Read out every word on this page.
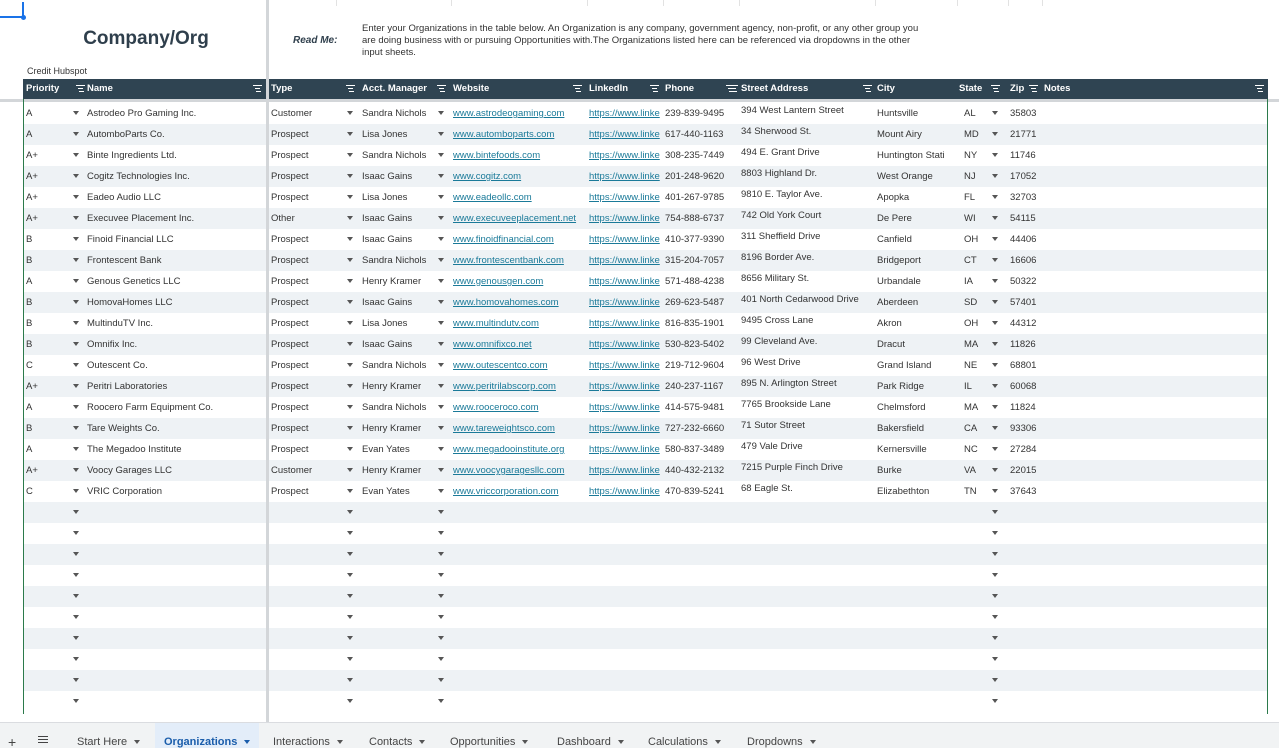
Company/Org
Credit Hubspot
Read Me:
Enter your Organizations in the table below. An Organization is any company, government agency, non-profit, or any other group you are doing business with or pursuing Opportunities with.The Organizations listed here can be referenced via dropdowns in the other input sheets.
Priority	Name	Type	Acct. Manager	Website	LinkedIn	Phone	Street Address	City	State	Zip	Notes
A	Astrodeo Pro Gaming Inc.	Customer	Sandra Nichols	www.astrodeogaming.com	https://www.linke 239-839-9495	394 West Lantern Street	Huntsville	AL	35803
A	AutomboParts Co.	Prospect	Lisa Jones	www.automboparts.com	https://www.linke 617-440-1163	34 Sherwood St.	Mount Airy	MD	21771
A+	Binte Ingredients Ltd.	Prospect	Sandra Nichols	www.bintefoods.com	https://www.linke 308-235-7449	494 E. Grant Drive	Huntington Stati	NY	11746
A+	Cogitz Technologies Inc.	Prospect	Isaac Gains	www.cogitz.com	https://www.linke 201-248-9620	8803 Highland Dr.	West Orange	NJ	17052
A+	Eadeo Audio LLC	Prospect	Lisa Jones	www.eadeollc.com	https://www.linke 401-267-9785	9810 E. Taylor Ave.	Apopka	FL	32703
A+	Execuvee Placement Inc.	Other	Isaac Gains	www.execuveeplacement.net	https://www.linke 754-888-6737	742 Old York Court	De Pere	WI	54115
B	Finoid Financial LLC	Prospect	Isaac Gains	www.finoidfinancial.com	https://www.linke 410-377-9390	311 Sheffield Drive	Canfield	OH	44406
B	Frontescent Bank	Prospect	Sandra Nichols	www.frontescentbank.com	https://www.linke 315-204-7057	8196 Border Ave.	Bridgeport	CT	16606
A	Genous Genetics LLC	Prospect	Henry Kramer	www.genousgen.com	https://www.linke 571-488-4238	8656 Military St.	Urbandale	IA	50322
B	HomovaHomes LLC	Prospect	Isaac Gains	www.homovahomes.com	https://www.linke 269-623-5487	401 North Cedarwood Drive	Aberdeen	SD	57401
B	MultinduTV Inc.	Prospect	Lisa Jones	www.multindutv.com	https://www.linke 816-835-1901	9495 Cross Lane	Akron	OH	44312
B	Omnifix Inc.	Prospect	Isaac Gains	www.omnifixco.net	https://www.linke 530-823-5402	99 Cleveland Ave.	Dracut	MA	11826
C	Outescent Co.	Prospect	Sandra Nichols	www.outescentco.com	https://www.linke 219-712-9604	96 West Drive	Grand Island	NE	68801
A+	Peritri Laboratories	Prospect	Henry Kramer	www.peritrilabscorp.com	https://www.linke 240-237-1167	895 N. Arlington Street	Park Ridge	IL	60068
A	Roocero Farm Equipment Co.	Prospect	Sandra Nichols	www.rooceroco.com	https://www.linke 414-575-9481	7765 Brookside Lane	Chelmsford	MA	11824
B	Tare Weights Co.	Prospect	Henry Kramer	www.tareweightsco.com	https://www.linke 727-232-6660	71 Sutor Street	Bakersfield	CA	93306
A	The Megadoo Institute	Prospect	Evan Yates	www.megadooinstitute.org	https://www.linke 580-837-3489	479 Vale Drive	Kernersville	NC	27284
A+	Voocy Garages LLC	Customer	Henry Kramer	www.voocygaragesllc.com	https://www.linke 440-432-2132	7215 Purple Finch Drive	Burke	VA	22015
C	VRIC Corporation	Prospect	Evan Yates	www.vriccorporation.com	https://www.linke 470-839-5241	68 Eagle St.	Elizabethton	TN	37643
+	Start Here	Organizations	Interactions	Contacts	Opportunities	Dashboard	Calculations	Dropdowns
